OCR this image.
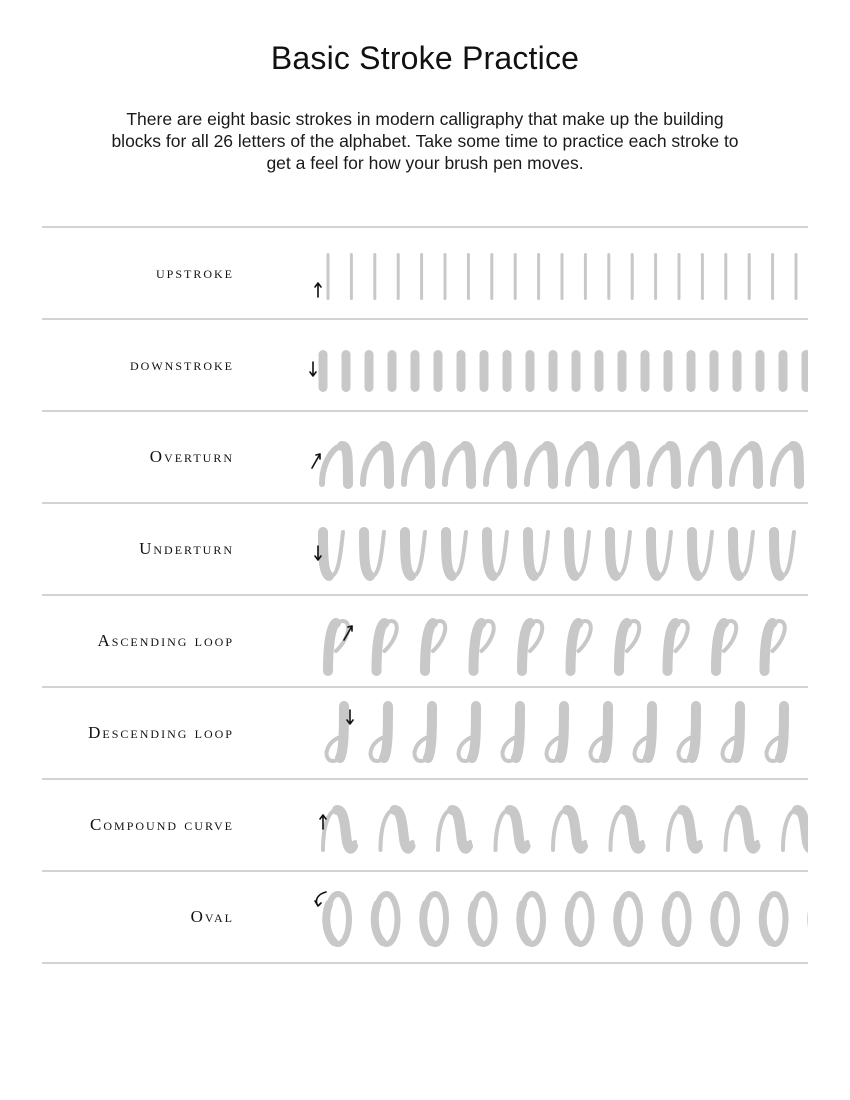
Basic Stroke Practice
There are eight basic strokes in modern calligraphy that make up the building blocks for all 26 letters of the alphabet. Take some time to practice each stroke to get a feel for how your brush pen moves.
upstroke
downstroke
Overturn
Underturn
Ascending loop
Descending loop
Compound curve
Oval
